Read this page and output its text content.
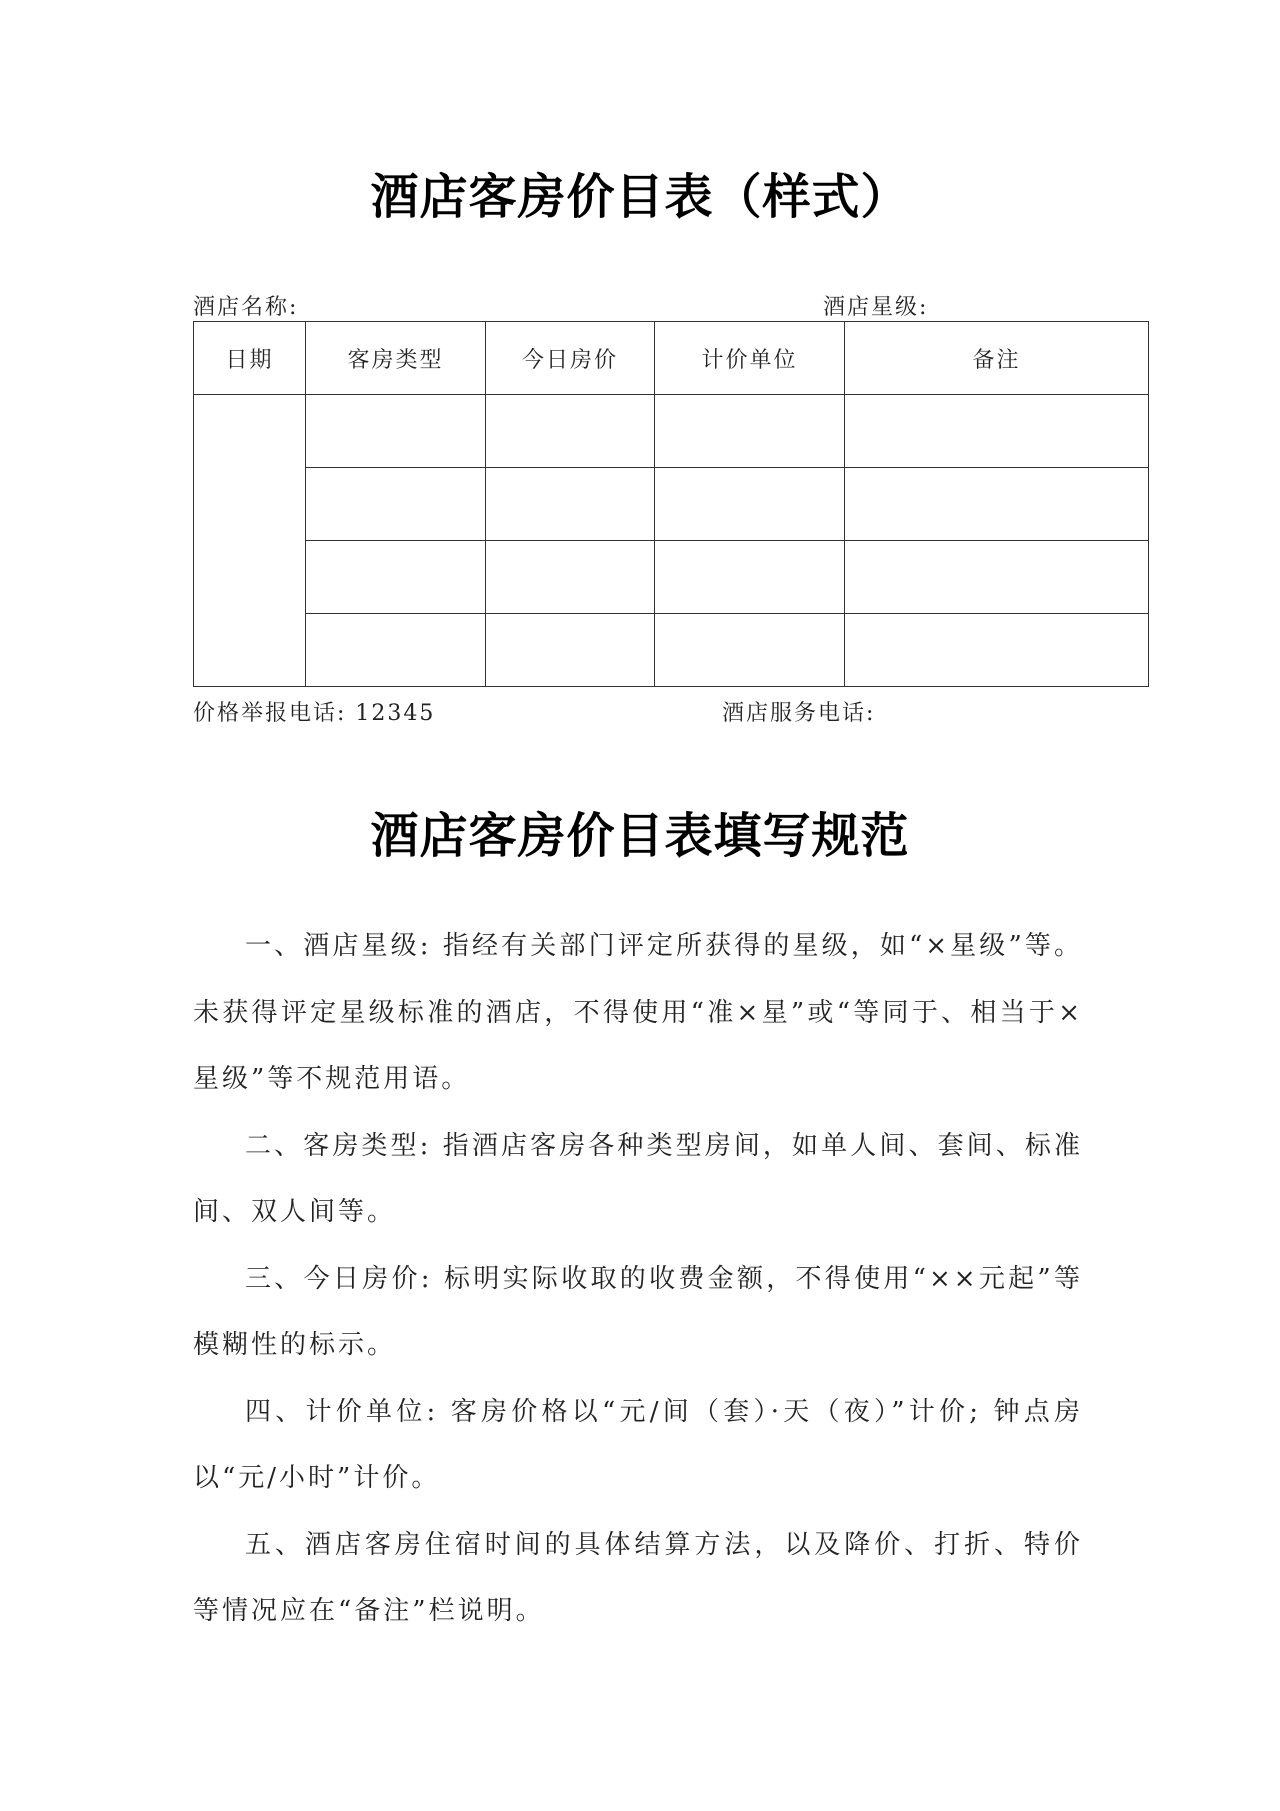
酒店客房价目表（样式）
酒店名称:	酒店星级:
日期	客房类型	今日房价	计价单位	备注

价格举报电话: 12345	酒店服务电话:
酒店客房价目表填写规范

一、酒店星级: 指经有关部门评定所获得的星级，如“×星级”等。未获得评定星级标准的酒店，不得使用“准×星”或“等同于、相当于×星级”等不规范用语。

二、客房类型: 指酒店客房各种类型房间，如单人间、套间、标准间、双人间等。

三、今日房价: 标明实际收取的收费金额，不得使用“××元起”等模糊性的标示。

四、计价单位: 客房价格以“元/间（套）·天（夜）”计价; 钟点房以“元/小时”计价。

五、酒店客房住宿时间的具体结算方法，以及降价、打折、特价等情况应在“备注”栏说明。
